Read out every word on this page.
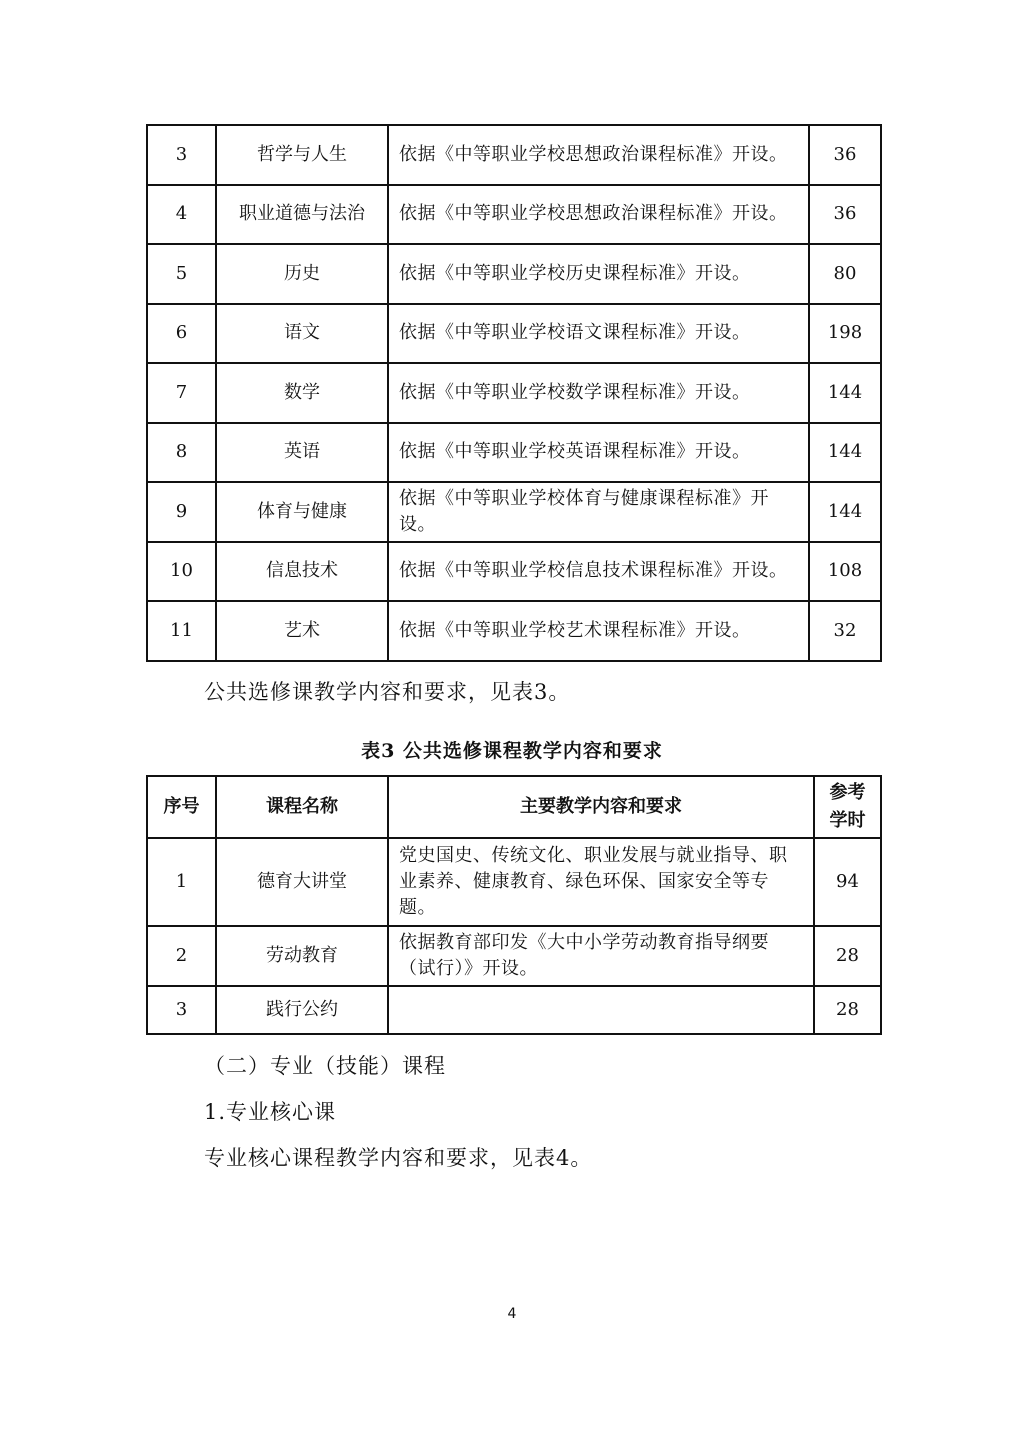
3	哲学与人生	依据《中等职业学校思想政治课程标准》开设。	36
4	职业道德与法治	依据《中等职业学校思想政治课程标准》开设。	36
5	历史	依据《中等职业学校历史课程标准》开设。	80
6	语文	依据《中等职业学校语文课程标准》开设。	198
7	数学	依据《中等职业学校数学课程标准》开设。	144
8	英语	依据《中等职业学校英语课程标准》开设。	144
9	体育与健康	依据《中等职业学校体育与健康课程标准》开设。	144
10	信息技术	依据《中等职业学校信息技术课程标准》开设。	108
11	艺术	依据《中等职业学校艺术课程标准》开设。	32

公共选修课教学内容和要求，见表3。

表3 公共选修课程教学内容和要求
序号	课程名称	主要教学内容和要求	参考学时
1	德育大讲堂	党史国史、传统文化、职业发展与就业指导、职业素养、健康教育、绿色环保、国家安全等专题。	94
2	劳动教育	依据教育部印发《大中小学劳动教育指导纲要（试行）》开设。	28
3	践行公约		28

（二）专业（技能）课程

1.专业核心课

专业核心课程教学内容和要求，见表4。

4
